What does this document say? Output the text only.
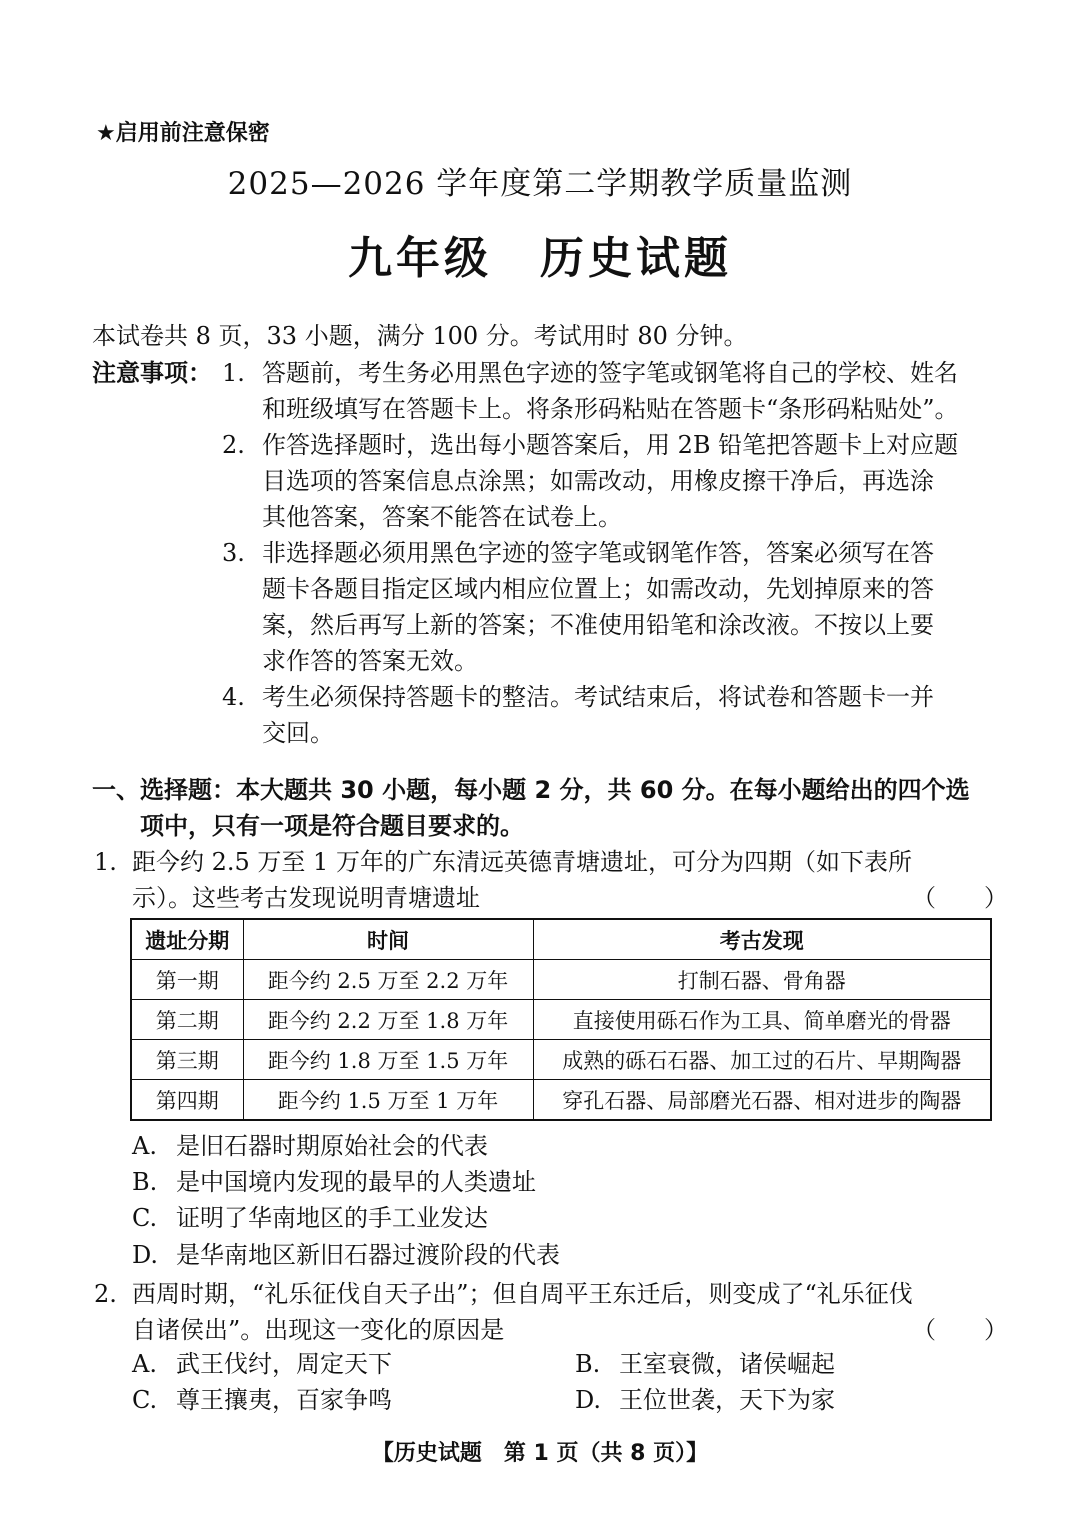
★启用前注意保密
2025—2026 学年度第二学期教学质量监测
九年级　历史试题
本试卷共 8 页，33 小题，满分 100 分。考试用时 80 分钟。
注意事项： 1. 答题前，考生务必用黑色字迹的签字笔或钢笔将自己的学校、姓名
和班级填写在答题卡上。将条形码粘贴在答题卡“条形码粘贴处”。
2. 作答选择题时，选出每小题答案后，用 2B 铅笔把答题卡上对应题
目选项的答案信息点涂黑；如需改动，用橡皮擦干净后，再选涂
其他答案，答案不能答在试卷上。
3. 非选择题必须用黑色字迹的签字笔或钢笔作答，答案必须写在答
题卡各题目指定区域内相应位置上；如需改动，先划掉原来的答
案，然后再写上新的答案；不准使用铅笔和涂改液。不按以上要
求作答的答案无效。
4. 考生必须保持答题卡的整洁。考试结束后，将试卷和答题卡一并
交回。
一、选择题：本大题共 30 小题，每小题 2 分，共 60 分。在每小题给出的四个选
项中，只有一项是符合题目要求的。
1. 距今约 2.5 万至 1 万年的广东清远英德青塘遗址，可分为四期（如下表所
示）。这些考古发现说明青塘遗址	（　　）
遗址分期	时间	考古发现
第一期	距今约 2.5 万至 2.2 万年	打制石器、骨角器
第二期	距今约 2.2 万至 1.8 万年	直接使用砾石作为工具、简单磨光的骨器
第三期	距今约 1.8 万至 1.5 万年	成熟的砾石石器、加工过的石片、早期陶器
第四期	距今约 1.5 万至 1 万年	穿孔石器、局部磨光石器、相对进步的陶器
A. 是旧石器时期原始社会的代表
B. 是中国境内发现的最早的人类遗址
C. 证明了华南地区的手工业发达
D. 是华南地区新旧石器过渡阶段的代表
2. 西周时期，“礼乐征伐自天子出”；但自周平王东迁后，则变成了“礼乐征伐
自诸侯出”。出现这一变化的原因是	（　　）
A. 武王伐纣，周定天下	B. 王室衰微，诸侯崛起
C. 尊王攘夷，百家争鸣	D. 王位世袭，天下为家
【历史试题　第 1 页（共 8 页）】
